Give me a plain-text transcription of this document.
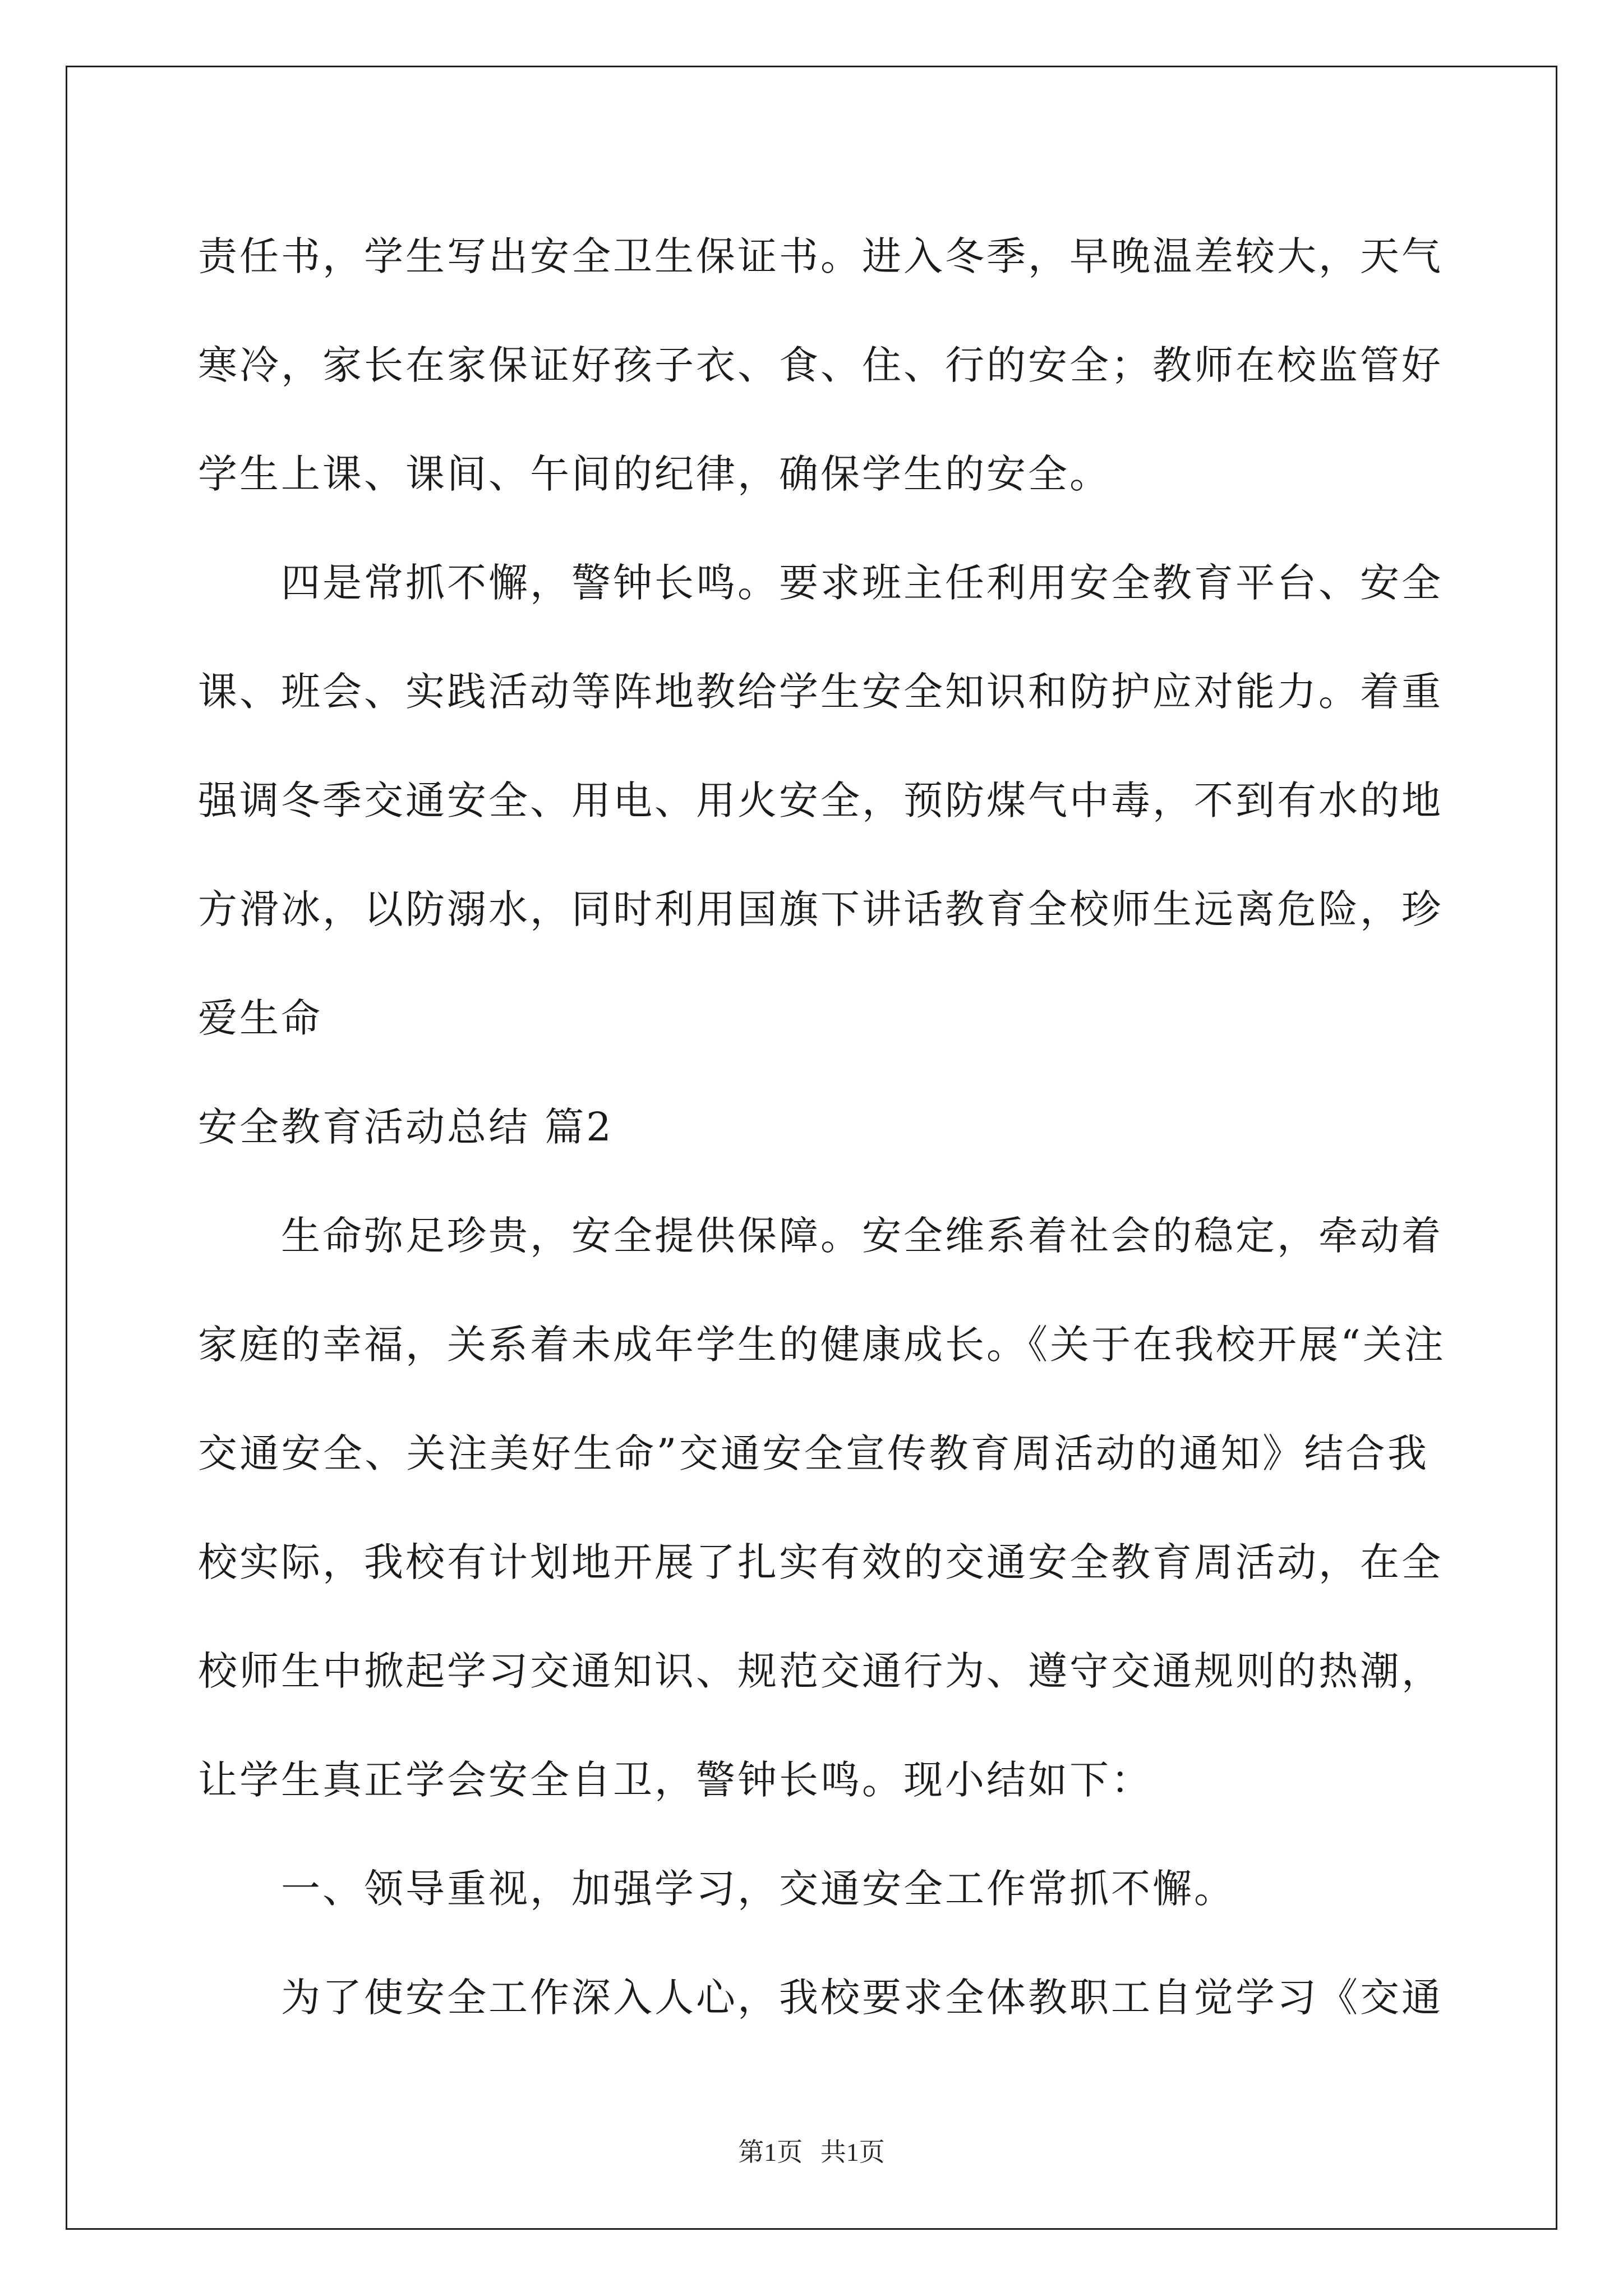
责任书，学生写出安全卫生保证书。进入冬季，早晚温差较大，天气
寒冷，家长在家保证好孩子衣、食、住、行的安全；教师在校监管好
学生上课、课间、午间的纪律，确保学生的安全。
四是常抓不懈，警钟长鸣。要求班主任利用安全教育平台、安全
课、班会、实践活动等阵地教给学生安全知识和防护应对能力。着重
强调冬季交通安全、用电、用火安全，预防煤气中毒，不到有水的地
方滑冰，以防溺水，同时利用国旗下讲话教育全校师生远离危险，珍
爱生命
安全教育活动总结 篇2
生命弥足珍贵，安全提供保障。安全维系着社会的稳定，牵动着
家庭的幸福，关系着未成年学生的健康成长。《关于在我校开展“关注
交通安全、关注美好生命”交通安全宣传教育周活动的通知》结合我
校实际，我校有计划地开展了扎实有效的交通安全教育周活动，在全
校师生中掀起学习交通知识、规范交通行为、遵守交通规则的热潮，
让学生真正学会安全自卫，警钟长鸣。现小结如下：
一、领导重视，加强学习，交通安全工作常抓不懈。
为了使安全工作深入人心，我校要求全体教职工自觉学习《交通
第1页 共1页
